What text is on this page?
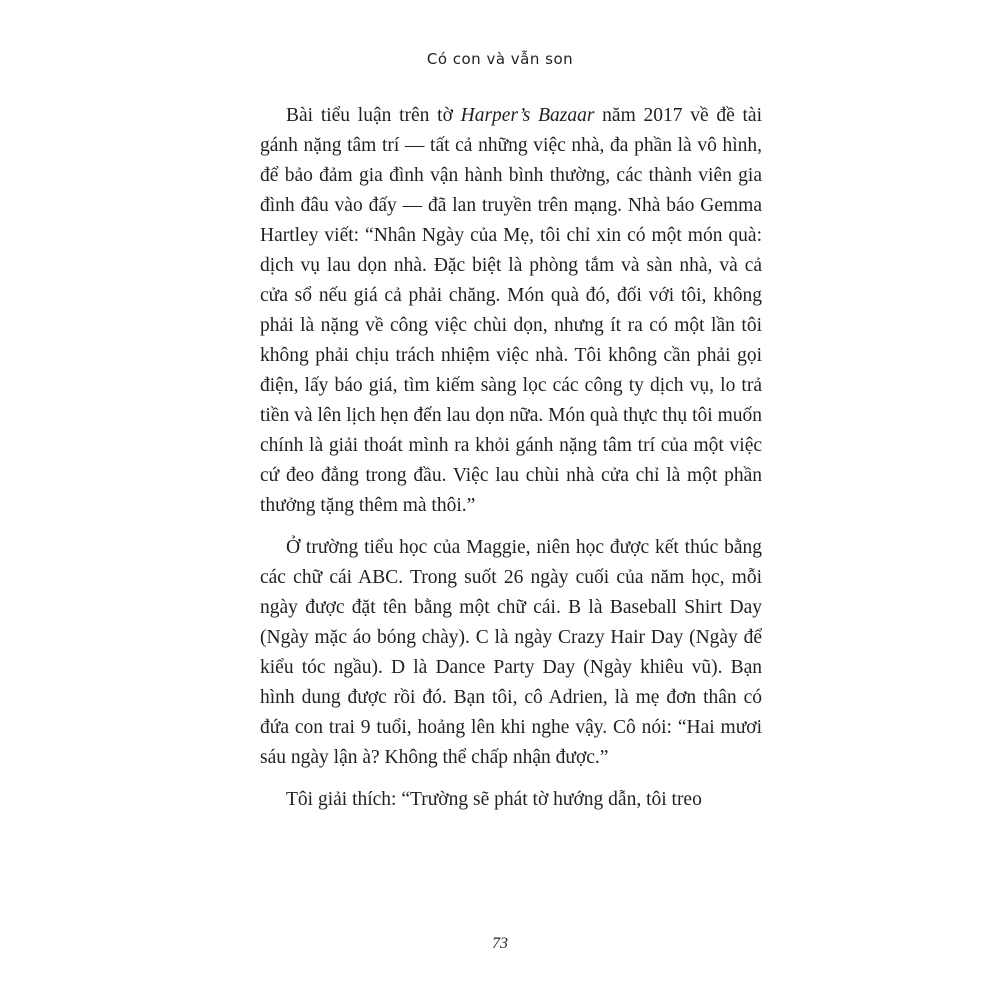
Có con và vẫn son

Bài tiểu luận trên tờ Harper’s Bazaar năm 2017 về đề tài gánh nặng tâm trí — tất cả những việc nhà, đa phần là vô hình, để bảo đảm gia đình vận hành bình thường, các thành viên gia đình đâu vào đấy — đã lan truyền trên mạng. Nhà báo Gemma Hartley viết: “Nhân Ngày của Mẹ, tôi chỉ xin có một món quà: dịch vụ lau dọn nhà. Đặc biệt là phòng tắm và sàn nhà, và cả cửa sổ nếu giá cả phải chăng. Món quà đó, đối với tôi, không phải là nặng về công việc chùi dọn, nhưng ít ra có một lần tôi không phải chịu trách nhiệm việc nhà. Tôi không cần phải gọi điện, lấy báo giá, tìm kiếm sàng lọc các công ty dịch vụ, lo trả tiền và lên lịch hẹn đến lau dọn nữa. Món quà thực thụ tôi muốn chính là giải thoát mình ra khỏi gánh nặng tâm trí của một việc cứ đeo đẳng trong đầu. Việc lau chùi nhà cửa chỉ là một phần thưởng tặng thêm mà thôi.”

Ở trường tiểu học của Maggie, niên học được kết thúc bằng các chữ cái ABC. Trong suốt 26 ngày cuối của năm học, mỗi ngày được đặt tên bằng một chữ cái. B là Baseball Shirt Day (Ngày mặc áo bóng chày). C là ngày Crazy Hair Day (Ngày để kiểu tóc ngầu). D là Dance Party Day (Ngày khiêu vũ). Bạn hình dung được rồi đó. Bạn tôi, cô Adrien, là mẹ đơn thân có đứa con trai 9 tuổi, hoảng lên khi nghe vậy. Cô nói: “Hai mươi sáu ngày lận à? Không thể chấp nhận được.”

Tôi giải thích: “Trường sẽ phát tờ hướng dẫn, tôi treo

73
